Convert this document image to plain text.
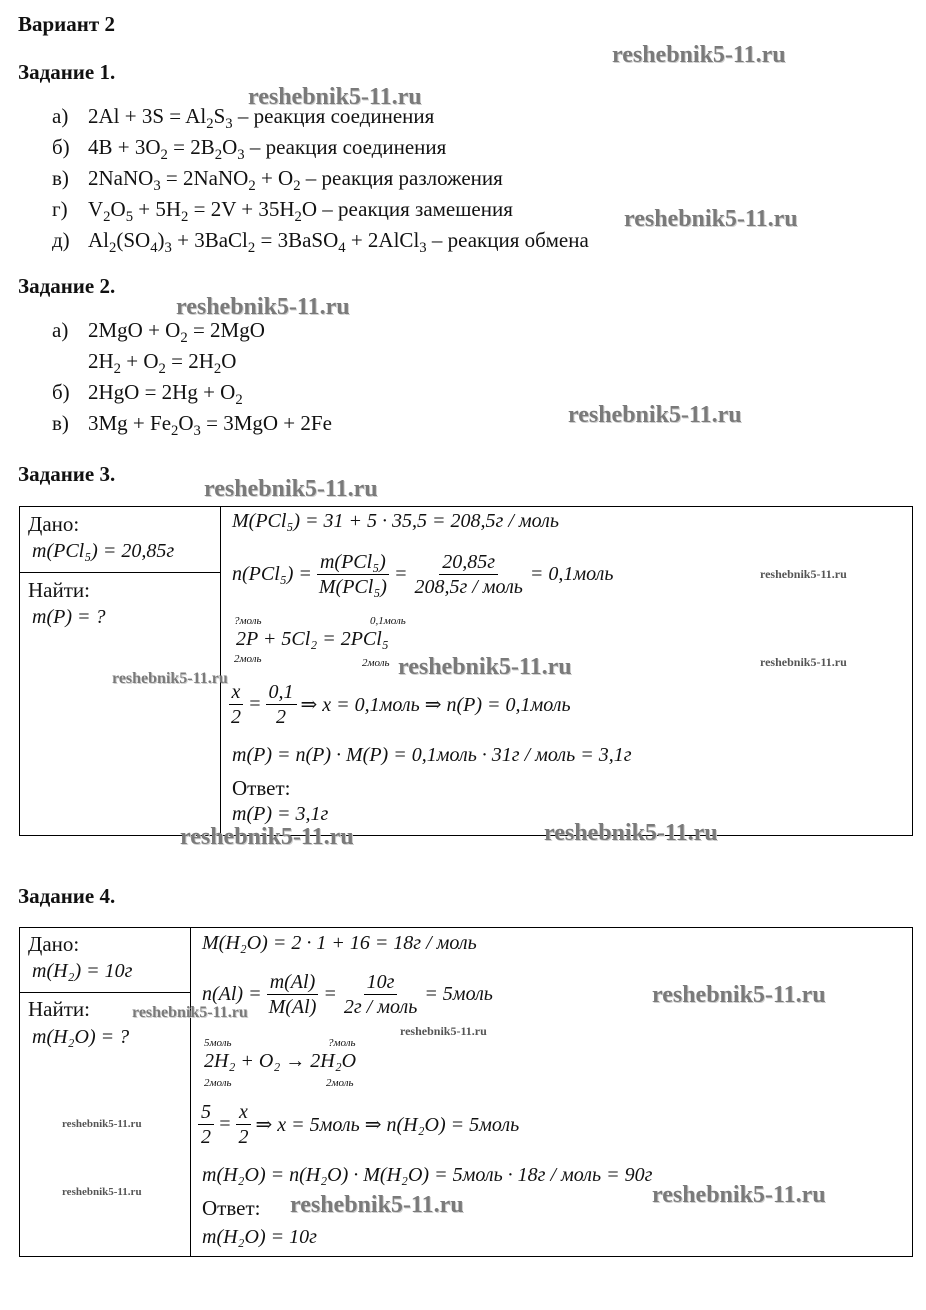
Вариант 2
Задание 1.
а) $2Al + 3S = Al_2S_3$ – реакция соединения
б) $4B + 3O_2 = 2B_2O_3$ – реакция соединения
в) 2NaNO$_3$ = 2NaNO$_2$ + $O_2$ – реакция разложения
г) $V_2O_5 + 5H_2 = 2V + 35H_2O$ – реакция замешения
д) $Al_2(SO_4)_3$ + 3BaCl$_2$ = 3BaSO$_4$ + 2AlCl$_3$ – реакция обмена
Задание 2.
а) $2MgO + O_2 = 2MgO$
$2H_2 + O_2 = 2H_2O$
б) $2HgO = 2Hg + O_2$
в) $3Mg + Fe_2O_3 = 3MgO + 2Fe$
Задание 3.
Дано:
m(PCl₅) = 20,85г
Найти:
m(P) = ?
M(PCl₅) = 31 + 5 · 35,5 = 208,5г / моль
$n(PCl_5) = \frac{\text{m(PCl₅)}}{\text{M(PCl₅)}} = \frac{20,85г}{\text{208,5г / моль}}$ = 0,1моль
?моль	0,1моль
2P + 5Cl₂ = 2PCl₅
2моль	2моль
$\frac{x}{2} = \frac{0,1}{2}$ ⇒ x = 0,1моль ⇒ n(P) = 0,1моль
m(P) = n(P) · M(P) = 0,1моль · 31г / моль = 3,1г
Ответ:
m(P) = 3,1г
Задание 4.
Дано:
m(H₂) = 10г
Найти:
m(H₂O) = ?
M(H₂O) = 2 · 1 + 16 = 18г / моль
$n(Al) = \frac{m(Al)}{M(Al)} = \frac{10г}{\text{2г / моль}}$ = 5моль
5моль	?моль
2H₂ + O₂ → 2H₂O
2моль	2моль
$\frac{5}{2} = \frac{x}{2}$ ⇒ x = 5моль ⇒ n(H₂O) = 5моль
m(H₂O) = n(H₂O) · M(H₂O) = 5моль · 18г / моль = 90г
Ответ:
m(H₂O) = 10г
reshebnik5-11.ru
reshebnik5-11.ru
reshebnik5-11.ru
reshebnik5-11.ru
reshebnik5-11.ru
reshebnik5-11.ru
reshebnik5-11.ru
reshebnik5-11.ru	reshebnik5-11.ru
reshebnik5-11.ru
reshebnik5-11.ru	reshebnik5-11.ru
reshebnik5-11.ru
reshebnik5-11.ru
reshebnik5-11.ru
reshebnik5-11.ru
reshebnik5-11.ru	reshebnik5-11.ru	reshebnik5-11.ru
